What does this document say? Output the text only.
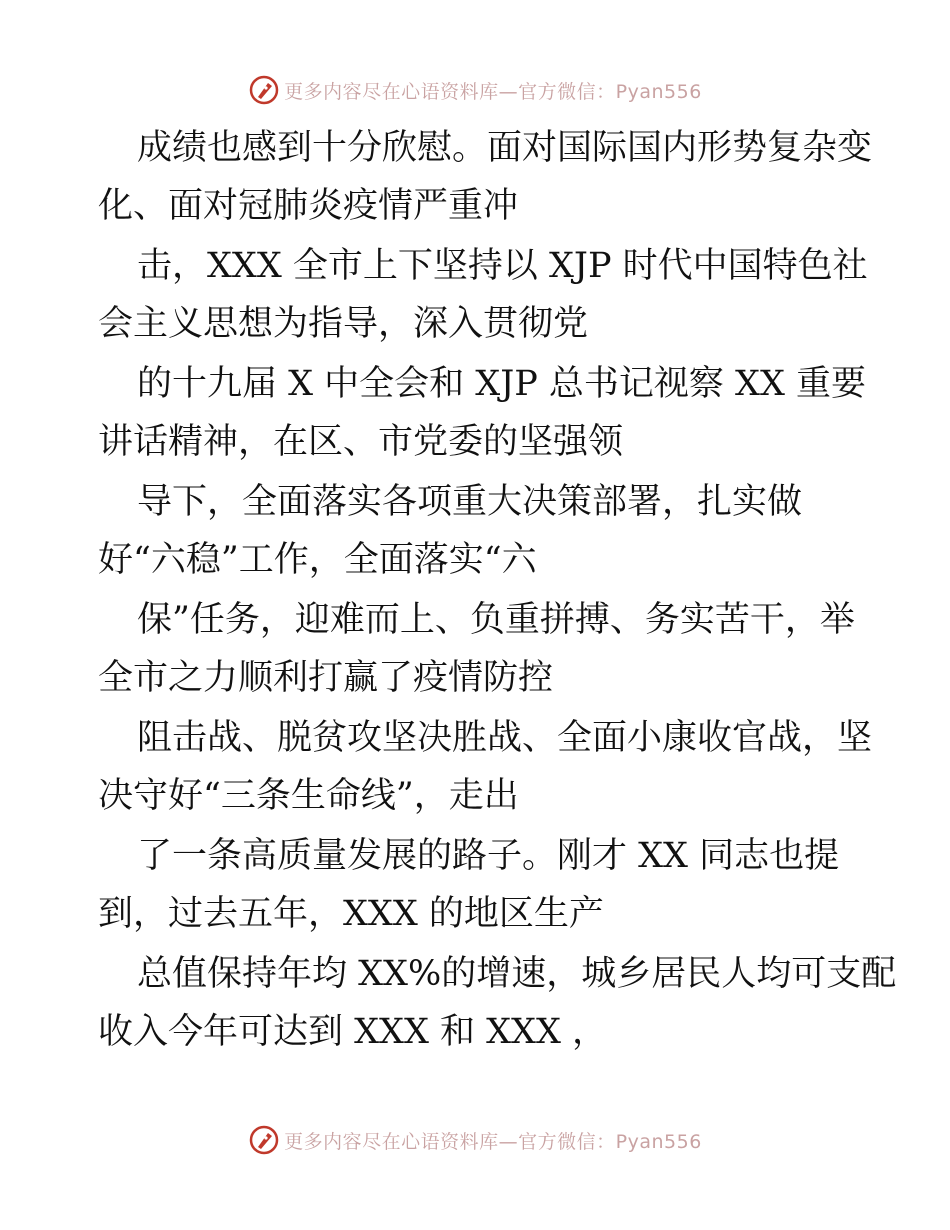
更多内容尽在心语资料库—官方微信：Pyan556
成绩也感到十分欣慰。面对国际国内形势复杂变
化、面对冠肺炎疫情严重冲
击，XXX 全市上下坚持以 XJP 时代中国特色社
会主义思想为指导，深入贯彻党
的十九届 X 中全会和 XJP 总书记视察 XX 重要
讲话精神，在区、市党委的坚强领
导下，全面落实各项重大决策部署，扎实做
好“六稳”工作，全面落实“六
保”任务，迎难而上、负重拼搏、务实苦干，举
全市之力顺利打赢了疫情防控
阻击战、脱贫攻坚决胜战、全面小康收官战，坚
决守好“三条生命线”，走出
了一条高质量发展的路子。刚才 XX 同志也提
到，过去五年，XXX 的地区生产
总值保持年均 XX%的增速，城乡居民人均可支配
收入今年可达到 XXX 和 XXX ，
更多内容尽在心语资料库—官方微信：Pyan556
